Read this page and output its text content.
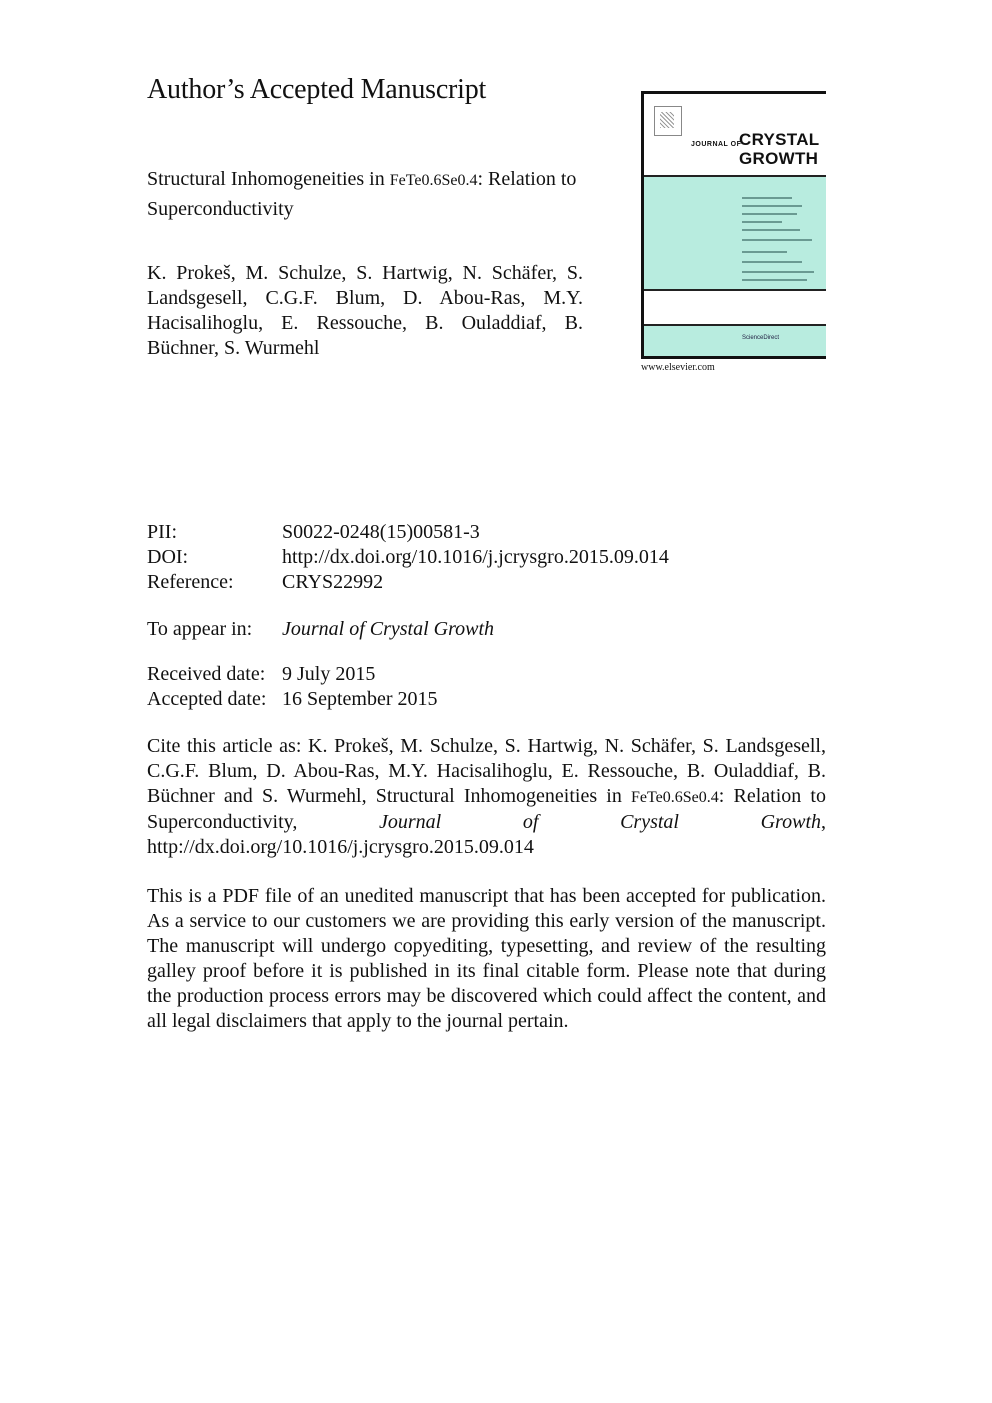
Author’s Accepted Manuscript
Structural Inhomogeneities in FeTe0.6Se0.4: Relation to Superconductivity
K. Prokeš, M. Schulze, S. Hartwig, N. Schäfer, S. Landsgesell, C.G.F. Blum, D. Abou-Ras, M.Y. Hacisalihoglu, E. Ressouche, B. Ouladdiaf, B. Büchner, S. Wurmehl
JOURNAL OF
CRYSTAL
GROWTH
ScienceDirect
www.elsevier.com
PII:	S0022-0248(15)00581-3
DOI:	http://dx.doi.org/10.1016/j.jcrysgro.2015.09.014
Reference: CRYS22992
To appear in: Journal of Crystal Growth
Received date: 9 July 2015
Accepted date: 16 September 2015
Cite this article as: K. Prokeš, M. Schulze, S. Hartwig, N. Schäfer, S. Landsgesell, C.G.F. Blum, D. Abou-Ras, M.Y. Hacisalihoglu, E. Ressouche, B. Ouladdiaf, B. Büchner and S. Wurmehl, Structural Inhomogeneities in FeTe0.6Se0.4: Relation to Superconductivity,	Journal of Crystal Growth, http://dx.doi.org/10.1016/j.jcrysgro.2015.09.014
This is a PDF file of an unedited manuscript that has been accepted for publication. As a service to our customers we are providing this early version of the manuscript. The manuscript will undergo copyediting, typesetting, and review of the resulting galley proof before it is published in its final citable form. Please note that during the production process errors may be discovered which could affect the content, and all legal disclaimers that apply to the journal pertain.
